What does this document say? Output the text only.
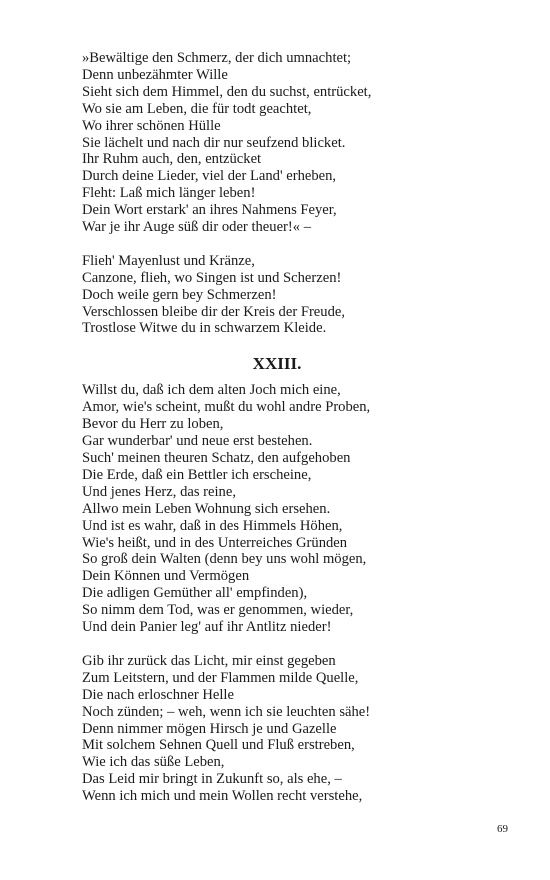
»Bewältige den Schmerz, der dich umnachtet;
Denn unbezähmter Wille
Sieht sich dem Himmel, den du suchst, entrücket,
Wo sie am Leben, die für todt geachtet,
Wo ihrer schönen Hülle
Sie lächelt und nach dir nur seufzend blicket.
Ihr Ruhm auch, den, entzücket
Durch deine Lieder, viel der Land' erheben,
Fleht: Laß mich länger leben!
Dein Wort erstark' an ihres Nahmens Feyer,
War je ihr Auge süß dir oder theuer!« –
Flieh' Mayenlust und Kränze,
Canzone, flieh, wo Singen ist und Scherzen!
Doch weile gern bey Schmerzen!
Verschlossen bleibe dir der Kreis der Freude,
Trostlose Witwe du in schwarzem Kleide.
XXIII.
Willst du, daß ich dem alten Joch mich eine,
Amor, wie's scheint, mußt du wohl andre Proben,
Bevor du Herr zu loben,
Gar wunderbar' und neue erst bestehen.
Such' meinen theuren Schatz, den aufgehoben
Die Erde, daß ein Bettler ich erscheine,
Und jenes Herz, das reine,
Allwo mein Leben Wohnung sich ersehen.
Und ist es wahr, daß in des Himmels Höhen,
Wie's heißt, und in des Unterreiches Gründen
So groß dein Walten (denn bey uns wohl mögen,
Dein Können und Vermögen
Die adligen Gemüther all' empfinden),
So nimm dem Tod, was er genommen, wieder,
Und dein Panier leg' auf ihr Antlitz nieder!
Gib ihr zurück das Licht, mir einst gegeben
Zum Leitstern, und der Flammen milde Quelle,
Die nach erloschner Helle
Noch zünden; – weh, wenn ich sie leuchten sähe!
Denn nimmer mögen Hirsch je und Gazelle
Mit solchem Sehnen Quell und Fluß erstreben,
Wie ich das süße Leben,
Das Leid mir bringt in Zukunft so, als ehe, –
Wenn ich mich und mein Wollen recht verstehe,
69
